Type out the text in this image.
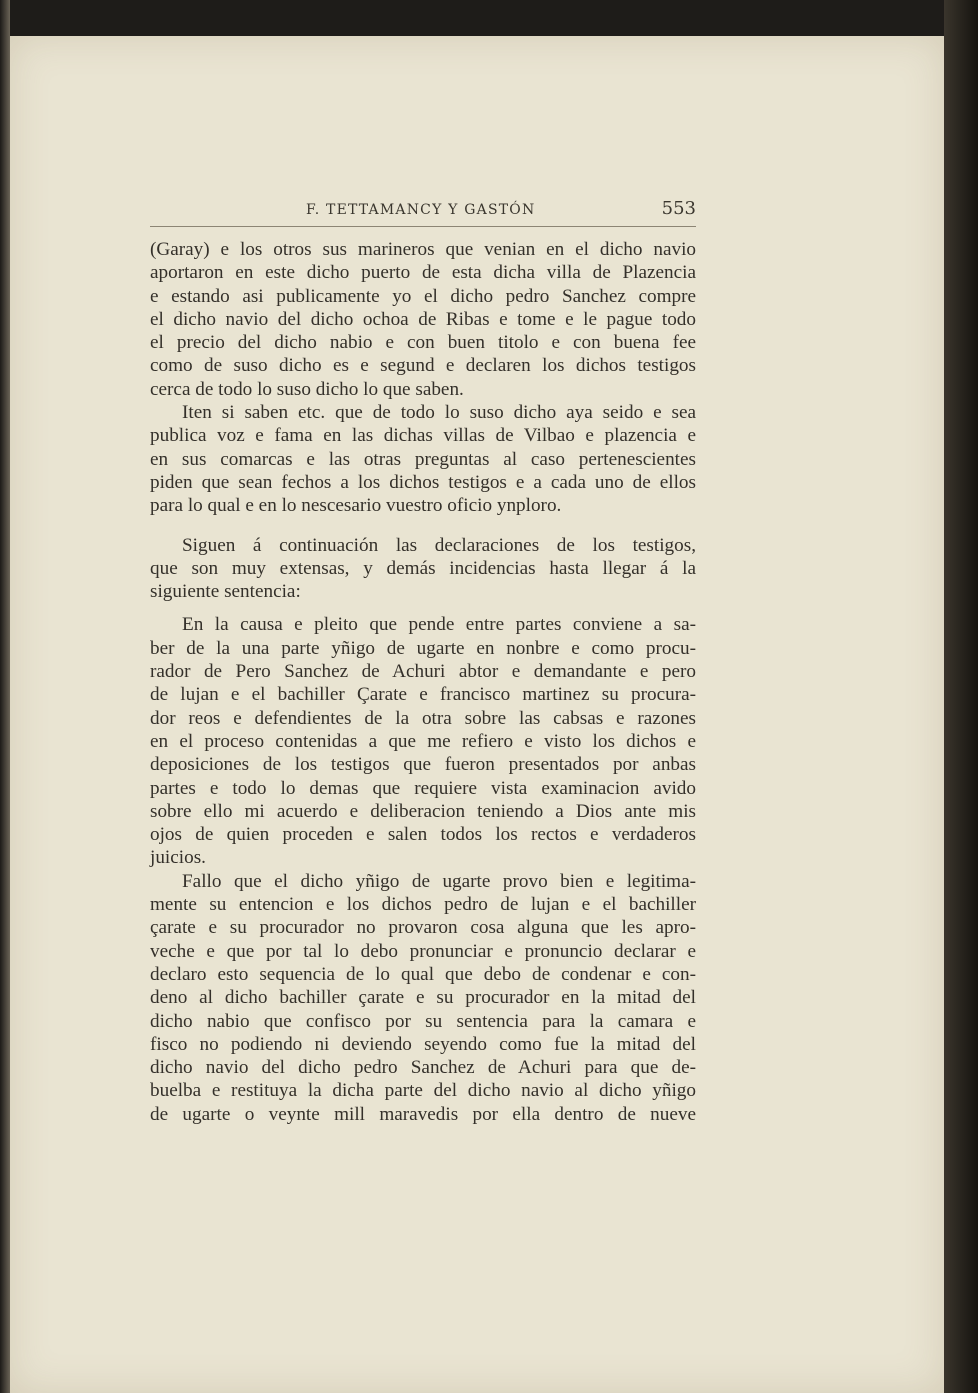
F. TETTAMANCY Y GASTÓN	553

(Garay) e los otros sus marineros que venian en el dicho navio
aportaron en este dicho puerto de esta dicha villa de Plazencia
e estando asi publicamente yo el dicho pedro Sanchez compre
el dicho navio del dicho ochoa de Ribas e tome e le pague todo
el precio del dicho nabio e con buen titolo e con buena fee
como de suso dicho es e segund e declaren los dichos testigos
cerca de todo lo suso dicho lo que saben.

Iten si saben etc. que de todo lo suso dicho aya seido e sea
publica voz e fama en las dichas villas de Vilbao e plazencia e
en sus comarcas e las otras preguntas al caso pertenescientes
piden que sean fechos a los dichos testigos e a cada uno de ellos
para lo qual e en lo nescesario vuestro oficio ynploro.

Siguen á continuación las declaraciones de los testigos,
que son muy extensas, y demás incidencias hasta llegar á la
siguiente sentencia:

En la causa e pleito que pende entre partes conviene a sa-
ber de la una parte yñigo de ugarte en nonbre e como procu-
rador de Pero Sanchez de Achuri abtor e demandante e pero
de lujan e el bachiller Çarate e francisco martinez su procura-
dor reos e defendientes de la otra sobre las cabsas e razones
en el proceso contenidas a que me refiero e visto los dichos e
deposiciones de los testigos que fueron presentados por anbas
partes e todo lo demas que requiere vista examinacion avido
sobre ello mi acuerdo e deliberacion teniendo a Dios ante mis
ojos de quien proceden e salen todos los rectos e verdaderos
juicios.

Fallo que el dicho yñigo de ugarte provo bien e legitima-
mente su entencion e los dichos pedro de lujan e el bachiller
çarate e su procurador no provaron cosa alguna que les apro-
veche e que por tal lo debo pronunciar e pronuncio declarar e
declaro esto sequencia de lo qual que debo de condenar e con-
deno al dicho bachiller çarate e su procurador en la mitad del
dicho nabio que confisco por su sentencia para la camara e
fisco no podiendo ni deviendo seyendo como fue la mitad del
dicho navio del dicho pedro Sanchez de Achuri para que de-
buelba e restituya la dicha parte del dicho navio al dicho yñigo
de ugarte o veynte mill maravedis por ella dentro de nueve
